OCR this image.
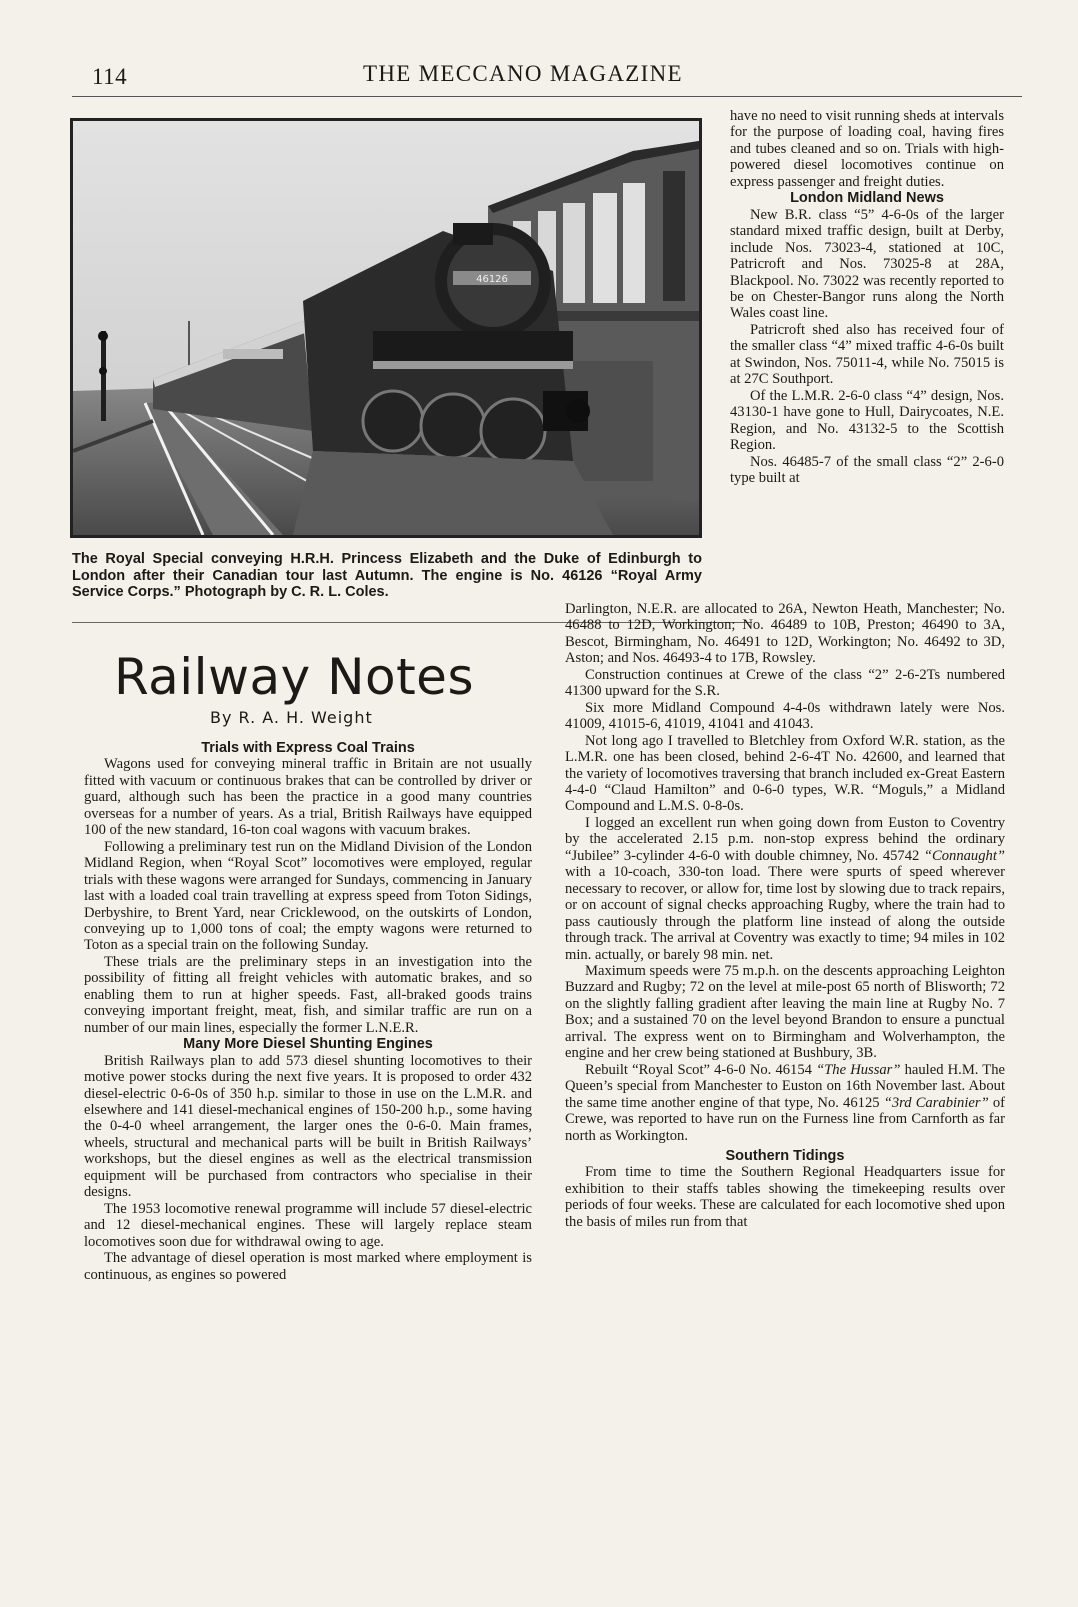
114	THE MECCANO MAGAZINE
46126
The Royal Special conveying H.R.H. Princess Elizabeth and the Duke of Edinburgh to London after their Canadian tour last Autumn. The engine is No. 46126 “Royal Army Service Corps.” Photograph by C. R. L. Coles.
Railway Notes
By R. A. H. Weight
Trials with Express Coal Trains

Wagons used for conveying mineral traffic in Britain are not usually fitted with vacuum or continuous brakes that can be controlled by driver or guard, although such has been the practice in a good many countries overseas for a number of years. As a trial, British Railways have equipped 100 of the new standard, 16-ton coal wagons with vacuum brakes.

Following a preliminary test run on the Midland Division of the London Midland Region, when “Royal Scot” locomotives were employed, regular trials with these wagons were arranged for Sundays, commencing in January last with a loaded coal train travelling at express speed from Toton Sidings, Derbyshire, to Brent Yard, near Cricklewood, on the outskirts of London, conveying up to 1,000 tons of coal; the empty wagons were returned to Toton as a special train on the following Sunday.

These trials are the preliminary steps in an investigation into the possibility of fitting all freight vehicles with automatic brakes, and so enabling them to run at higher speeds. Fast, all-braked goods trains conveying important freight, meat, fish, and similar traffic are run on a number of our main lines, especially the former L.N.E.R.

Many More Diesel Shunting Engines

British Railways plan to add 573 diesel shunting locomotives to their motive power stocks during the next five years. It is proposed to order 432 diesel-electric 0-6-0s of 350 h.p. similar to those in use on the L.M.R. and elsewhere and 141 diesel-mechanical engines of 150-200 h.p., some having the 0-4-0 wheel arrangement, the larger ones the 0-6-0. Main frames, wheels, structural and mechanical parts will be built in British Railways’ workshops, but the diesel engines as well as the electrical transmission equipment will be purchased from contractors who specialise in their designs.

The 1953 locomotive renewal programme will include 57 diesel-electric and 12 diesel-mechanical engines. These will largely replace steam locomotives soon due for withdrawal owing to age.

The advantage of diesel operation is most marked where employment is continuous, as engines so powered

have no need to visit running sheds at intervals for the purpose of loading coal, having fires and tubes cleaned and so on. Trials with high-powered diesel locomotives continue on express passenger and freight duties.

London Midland News

New B.R. class “5” 4-6-0s of the larger standard mixed traffic design, built at Derby, include Nos. 73023-4, stationed at 10C, Patricroft and Nos. 73025-8 at 28A, Blackpool. No. 73022 was recently reported to be on Chester-Bangor runs along the North Wales coast line.

Patricroft shed also has received four of the smaller class “4” mixed traffic 4-6-0s built at Swindon, Nos. 75011-4, while No. 75015 is at 27C Southport.

Of the L.M.R. 2-6-0 class “4” design, Nos. 43130-1 have gone to Hull, Dairycoates, N.E. Region, and No. 43132-5 to the Scottish Region.

Nos. 46485-7 of the small class “2” 2-6-0 type built at

Darlington, N.E.R. are allocated to 26A, Newton Heath, Manchester; No. 46488 to 12D, Workington; No. 46489 to 10B, Preston; 46490 to 3A, Bescot, Birmingham, No. 46491 to 12D, Workington; No. 46492 to 3D, Aston; and Nos. 46493-4 to 17B, Rowsley.

Construction continues at Crewe of the class “2” 2-6-2Ts numbered 41300 upward for the S.R.

Six more Midland Compound 4-4-0s withdrawn lately were Nos. 41009, 41015-6, 41019, 41041 and 41043.

Not long ago I travelled to Bletchley from Oxford W.R. station, as the L.M.R. one has been closed, behind 2-6-4T No. 42600, and learned that the variety of locomotives traversing that branch included ex-Great Eastern 4-4-0 “Claud Hamilton” and 0-6-0 types, W.R. “Moguls,” a Midland Compound and L.M.S. 0-8-0s.

I logged an excellent run when going down from Euston to Coventry by the accelerated 2.15 p.m. non-stop express behind the ordinary “Jubilee” 3-cylinder 4-6-0 with double chimney, No. 45742 “Connaught” with a 10-coach, 330-ton load. There were spurts of speed wherever necessary to recover, or allow for, time lost by slowing due to track repairs, or on account of signal checks approaching Rugby, where the train had to pass cautiously through the platform line instead of along the outside through track. The arrival at Coventry was exactly to time; 94 miles in 102 min. actually, or barely 98 min. net.

Maximum speeds were 75 m.p.h. on the descents approaching Leighton Buzzard and Rugby; 72 on the level at mile-post 65 north of Blisworth; 72 on the slightly falling gradient after leaving the main line at Rugby No. 7 Box; and a sustained 70 on the level beyond Brandon to ensure a punctual arrival. The express went on to Birmingham and Wolverhampton, the engine and her crew being stationed at Bushbury, 3B.

Rebuilt “Royal Scot” 4-6-0 No. 46154 “The Hussar” hauled H.M. The Queen’s special from Manchester to Euston on 16th November last. About the same time another engine of that type, No. 46125 “3rd Carabinier” of Crewe, was reported to have run on the Furness line from Carnforth as far north as Workington.

Southern Tidings

From time to time the Southern Regional Headquarters issue for exhibition to their staffs tables showing the timekeeping results over periods of four weeks. These are calculated for each locomotive shed upon the basis of miles run from that
